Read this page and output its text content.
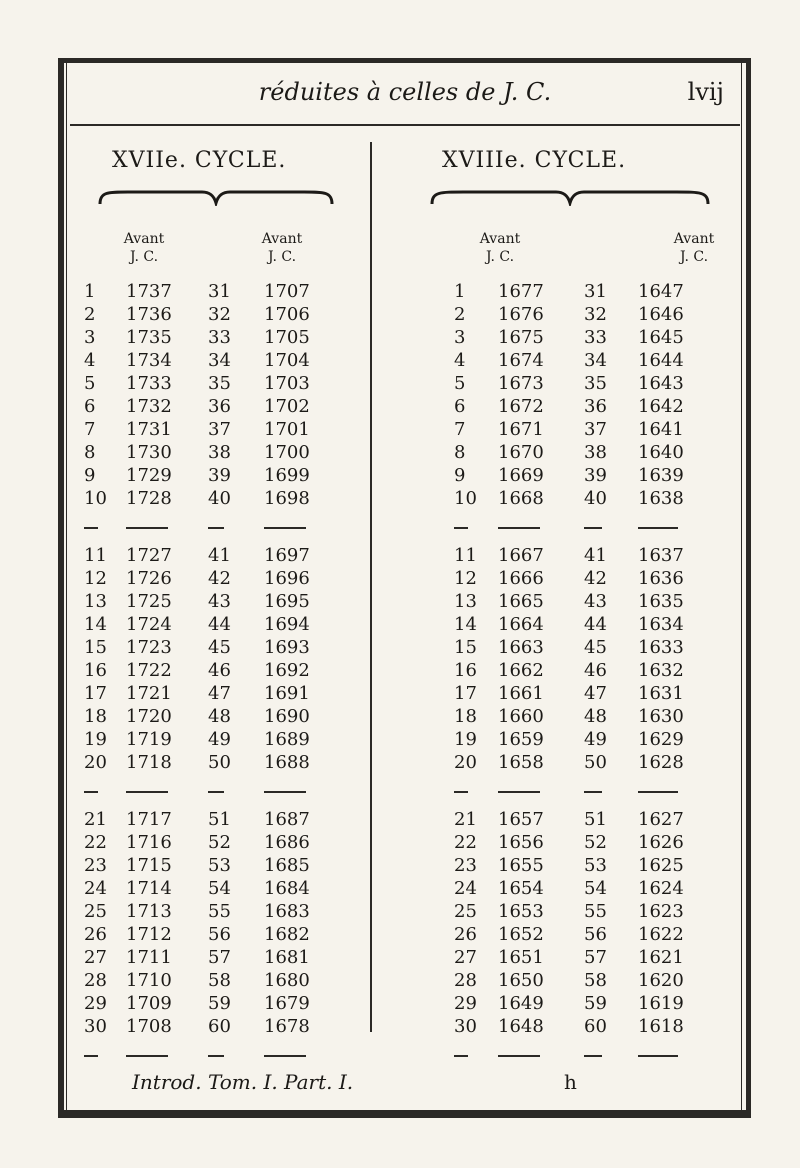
réduites à celles de J. C.	lvij
XVIIe. CYCLE.
Avant J. C.
Avant J. C.
1	1737	31	1707
2	1736	32	1706
3	1735	33	1705
4	1734	34	1704
5	1733	35	1703
6	1732	36	1702
7	1731	37	1701
8	1730	38	1700
9	1729	39	1699
10	1728	40	1698

11	1727	41	1697
12	1726	42	1696
13	1725	43	1695
14	1724	44	1694
15	1723	45	1693
16	1722	46	1692
17	1721	47	1691
18	1720	48	1690
19	1719	49	1689
20	1718	50	1688

21	1717	51	1687
22	1716	52	1686
23	1715	53	1685
24	1714	54	1684
25	1713	55	1683
26	1712	56	1682
27	1711	57	1681
28	1710	58	1680
29	1709	59	1679
30	1708	60	1678

XVIIIe. CYCLE.
Avant J. C.
Avant J. C.
1	1677	31	1647
2	1676	32	1646
3	1675	33	1645
4	1674	34	1644
5	1673	35	1643
6	1672	36	1642
7	1671	37	1641
8	1670	38	1640
9	1669	39	1639
10	1668	40	1638

11	1667	41	1637
12	1666	42	1636
13	1665	43	1635
14	1664	44	1634
15	1663	45	1633
16	1662	46	1632
17	1661	47	1631
18	1660	48	1630
19	1659	49	1629
20	1658	50	1628

21	1657	51	1627
22	1656	52	1626
23	1655	53	1625
24	1654	54	1624
25	1653	55	1623
26	1652	56	1622
27	1651	57	1621
28	1650	58	1620
29	1649	59	1619
30	1648	60	1618

Introd. Tom. I. Part. I.	h
